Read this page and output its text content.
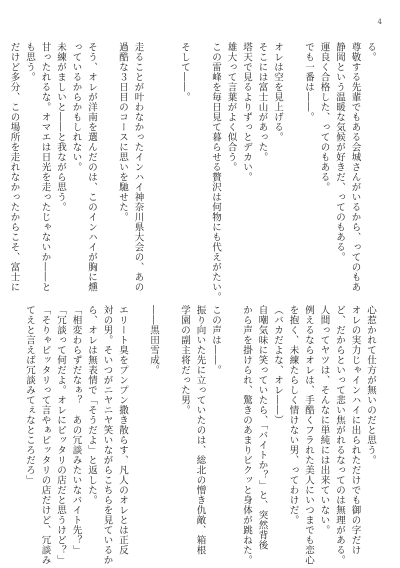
4
る。
尊敬する先輩でもある会城さんがいるから、ってのもあ
静岡という温暖な気候が好きだ、ってのもある。
運良く合格した、ってのもある。
でも一番は――。
オレは空を見上げる。
そこには富士山があった。
塔天で見るよりずっとデカい。
雄大って言葉がよく似合う。
この雷峰を毎日見て暮らせる贅沢は何物にも代えがたい。
そして――。
走ることが叶わなかったインハイ神奈川県大会の、あの
過酷な３日目のコースに思いを馳せた。
そう、オレが洋南を選んだのは、このインハイが胸に燻
っているからかもしれない。
未練がましいと――と我ながら思う。
甘ったれるな。オマエは日光を走ったじゃないか――と
も思う。
だけど多分、この場所を走れなかったからこそ、富士に
心惹かれて仕方が無いのだと思う。
オレの実力じゃインハイに出られただけでも御の字だけ
ど、だからといって悲い焦がれるなってのは無理がある。
人間ってヤツは、そんなに単純には出来ていない。
例えるならオレは、手酷くフラれた美人にいつまでも恋心
を抱く、未練たらしく情けない男、ってわけだ。
（バカだよな、オレ――）
自嘲気味に笑っていたら、「バイトか？」と、突然背後
から声を掛けられ、驚きのあまりビクッと身体が跳ねた。
この声は――。
振り向いた先に立っていたのは、総北の憎き仇敵、箱根
学園の副主将だった男。
――黒田雪成。
エリート臭をプンプン撒き散らす、凡人のオレとは正反
対の男。そいつがニヤニヤ笑いながらこちらを見ているか
ら、オレは無表情で「そうだよ」と返した。
「相変わらずだなぁ？　あの冗談みたいなバイト先？」
「冗談って何だよ。オレにピッタリの店だと思うけど？」
「そりゃピッタリって言やぁピッタリの店だけど、冗談み
てえと言えば冗談みてぇなところだろ」
